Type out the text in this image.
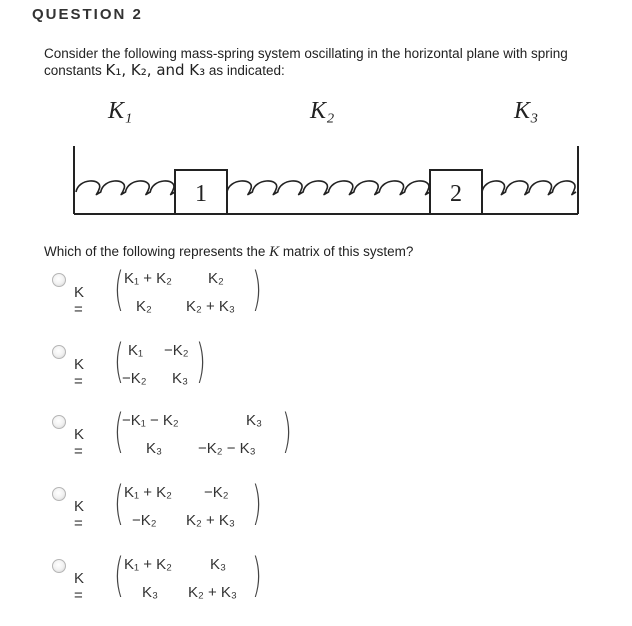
QUESTION 2
Consider the following mass-spring system oscillating in the horizontal plane with spring constants K₁, K₂, and K₃ as indicated:
K₁	K₂	K₃
1	2
Which of the following represents the K matrix of this system?
K = ( K₁ + K₂ K₂
K₂ K₂ + K₃ )
K = ( K₁ −K₂
−K₂ K₃ )
K = (
−K₁ − K₂	K₃
K₃ −K₂ − K₃ )
K = ( K₁ + K₂ −K₂
−K₂ K₂ + K₃ )
K = ( K₁ + K₂	K₃
K₃ K₂ + K₃ )
